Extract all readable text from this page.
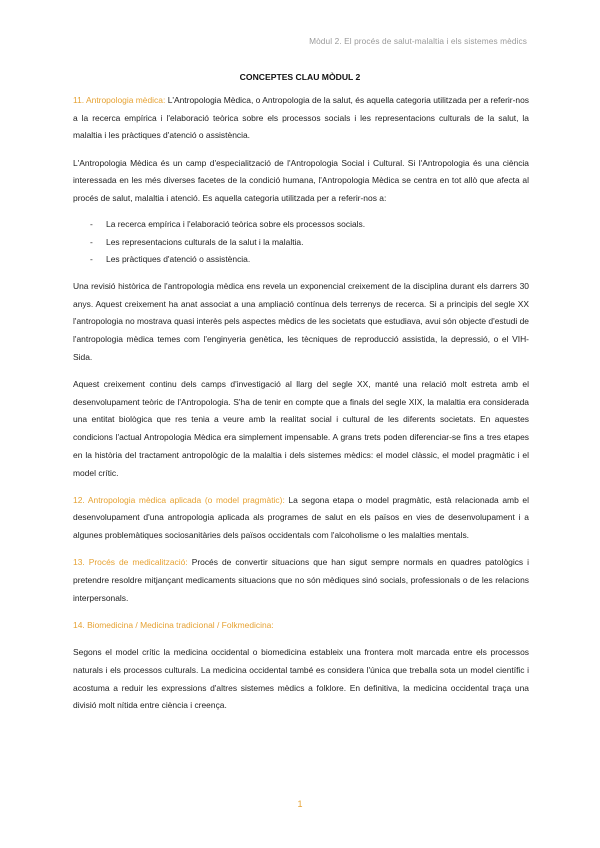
Mòdul 2. El procés de salut-malaltia i els sistemes mèdics
CONCEPTES CLAU MÒDUL 2

11. Antropologia mèdica: L'Antropologia Mèdica, o Antropologia de la salut, és aquella categoria utilitzada per a referir-nos a la recerca empírica i l'elaboració teòrica sobre els processos socials i les representacions culturals de la salut, la malaltia i les pràctiques d'atenció o assistència.

L'Antropologia Mèdica és un camp d'especialització de l'Antropologia Social i Cultural. Si l'Antropologia és una ciència interessada en les més diverses facetes de la condició humana, l'Antropologia Mèdica se centra en tot allò que afecta al procés de salut, malaltia i atenció. Es aquella categoria utilitzada per a referir-nos a:

- La recerca empírica i l'elaboració teòrica sobre els processos socials.
- Les representacions culturals de la salut i la malaltia.
- Les pràctiques d'atenció o assistència.

Una revisió històrica de l'antropologia mèdica ens revela un exponencial creixement de la disciplina durant els darrers 30 anys. Aquest creixement ha anat associat a una ampliació contínua dels terrenys de recerca. Si a principis del segle XX l'antropologia no mostrava quasi interès pels aspectes mèdics de les societats que estudiava, avui són objecte d'estudi de l'antropologia mèdica temes com l'enginyeria genètica, les tècniques de reproducció assistida, la depressió, o el VIH-Sida.

Aquest creixement continu dels camps d'investigació al llarg del segle XX, manté una relació molt estreta amb el desenvolupament teòric de l'Antropologia. S'ha de tenir en compte que a finals del segle XIX, la malaltia era considerada una entitat biològica que res tenia a veure amb la realitat social i cultural de les diferents societats. En aquestes condicions l'actual Antropologia Mèdica era simplement impensable. A grans trets poden diferenciar-se fins a tres etapes en la història del tractament antropològic de la malaltia i dels sistemes mèdics: el model clàssic, el model pragmàtic i el model crític.

12. Antropologia mèdica aplicada (o model pragmàtic): La segona etapa o model pragmàtic, està relacionada amb el desenvolupament d'una antropologia aplicada als programes de salut en els països en vies de desenvolupament i a algunes problemàtiques sociosanitàries dels països occidentals com l'alcoholisme o les malalties mentals.

13. Procés de medicalització: Procés de convertir situacions que han sigut sempre normals en quadres patològics i pretendre resoldre mitjançant medicaments situacions que no són mèdiques sinó socials, professionals o de les relacions interpersonals.

14. Biomedicina / Medicina tradicional / Folkmedicina:

Segons el model crític la medicina occidental o biomedicina estableix una frontera molt marcada entre els processos naturals i els processos culturals. La medicina occidental també es considera l'única que treballa sota un model científic i acostuma a reduir les expressions d'altres sistemes mèdics a folklore. En definitiva, la medicina occidental traça una divisió molt nítida entre ciència i creença.

1
